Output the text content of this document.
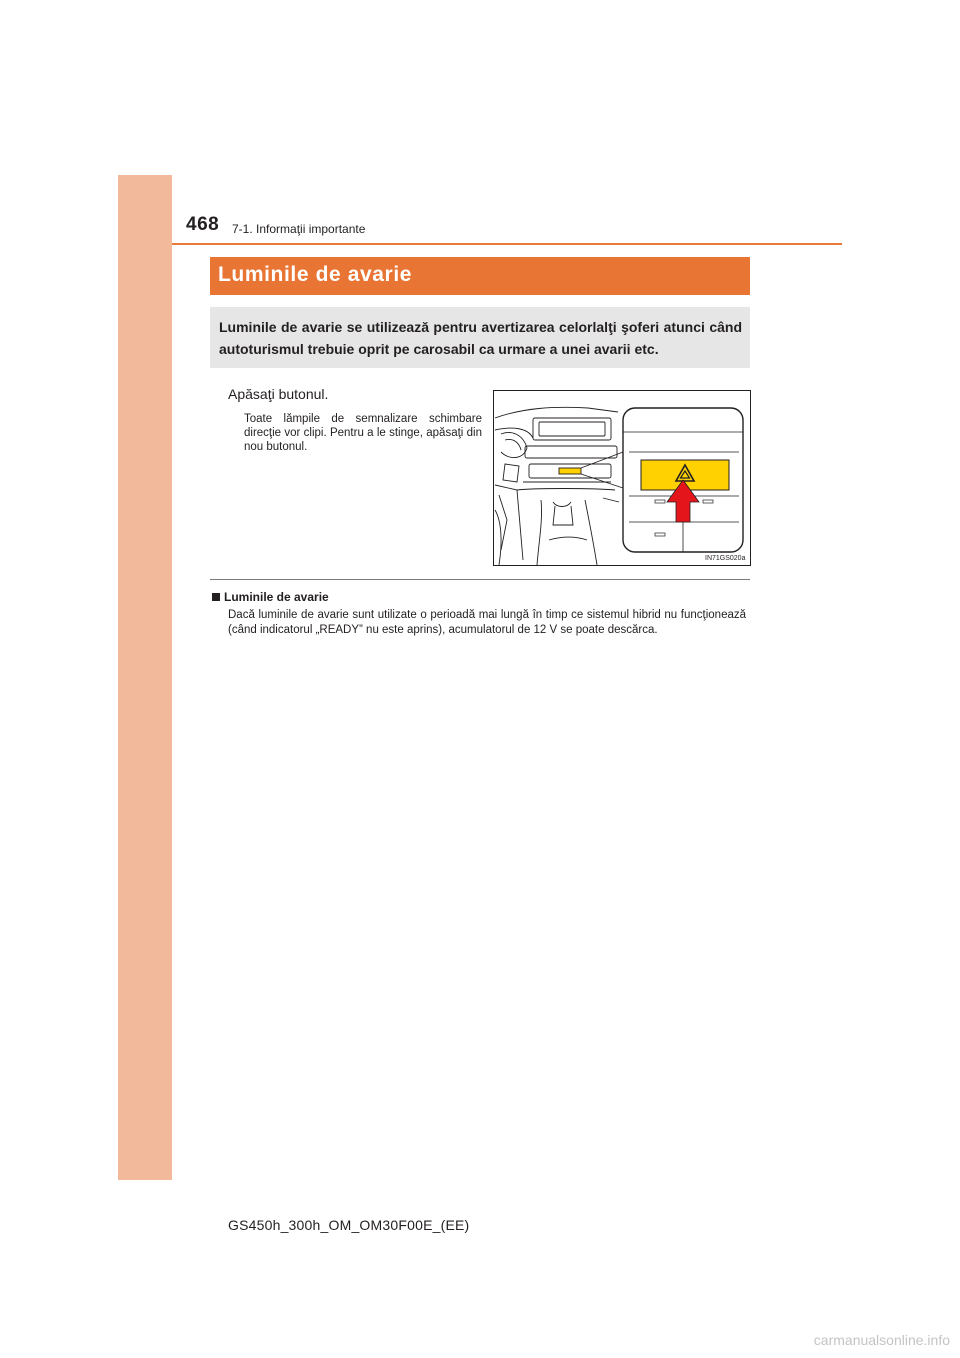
468 7-1. Informaţii importante
Luminile de avarie

Luminile de avarie se utilizează pentru avertizarea celorlalţi şoferi atunci când autoturismul trebuie oprit pe carosabil ca urmare a unei avarii etc.

Apăsaţi butonul.

Toate lămpile de semnalizare schimbare direcţie vor clipi. Pentru a le stinge, apăsaţi din nou butonul.

IN71GS020a
Luminile de avarie

Dacă luminile de avarie sunt utilizate o perioadă mai lungă în timp ce sistemul hibrid nu funcţionează (când indicatorul „READY” nu este aprins), acumulatorul de 12 V se poate descărca.

GS450h_300h_OM_OM30F00E_(EE)
carmanualsonline.info
